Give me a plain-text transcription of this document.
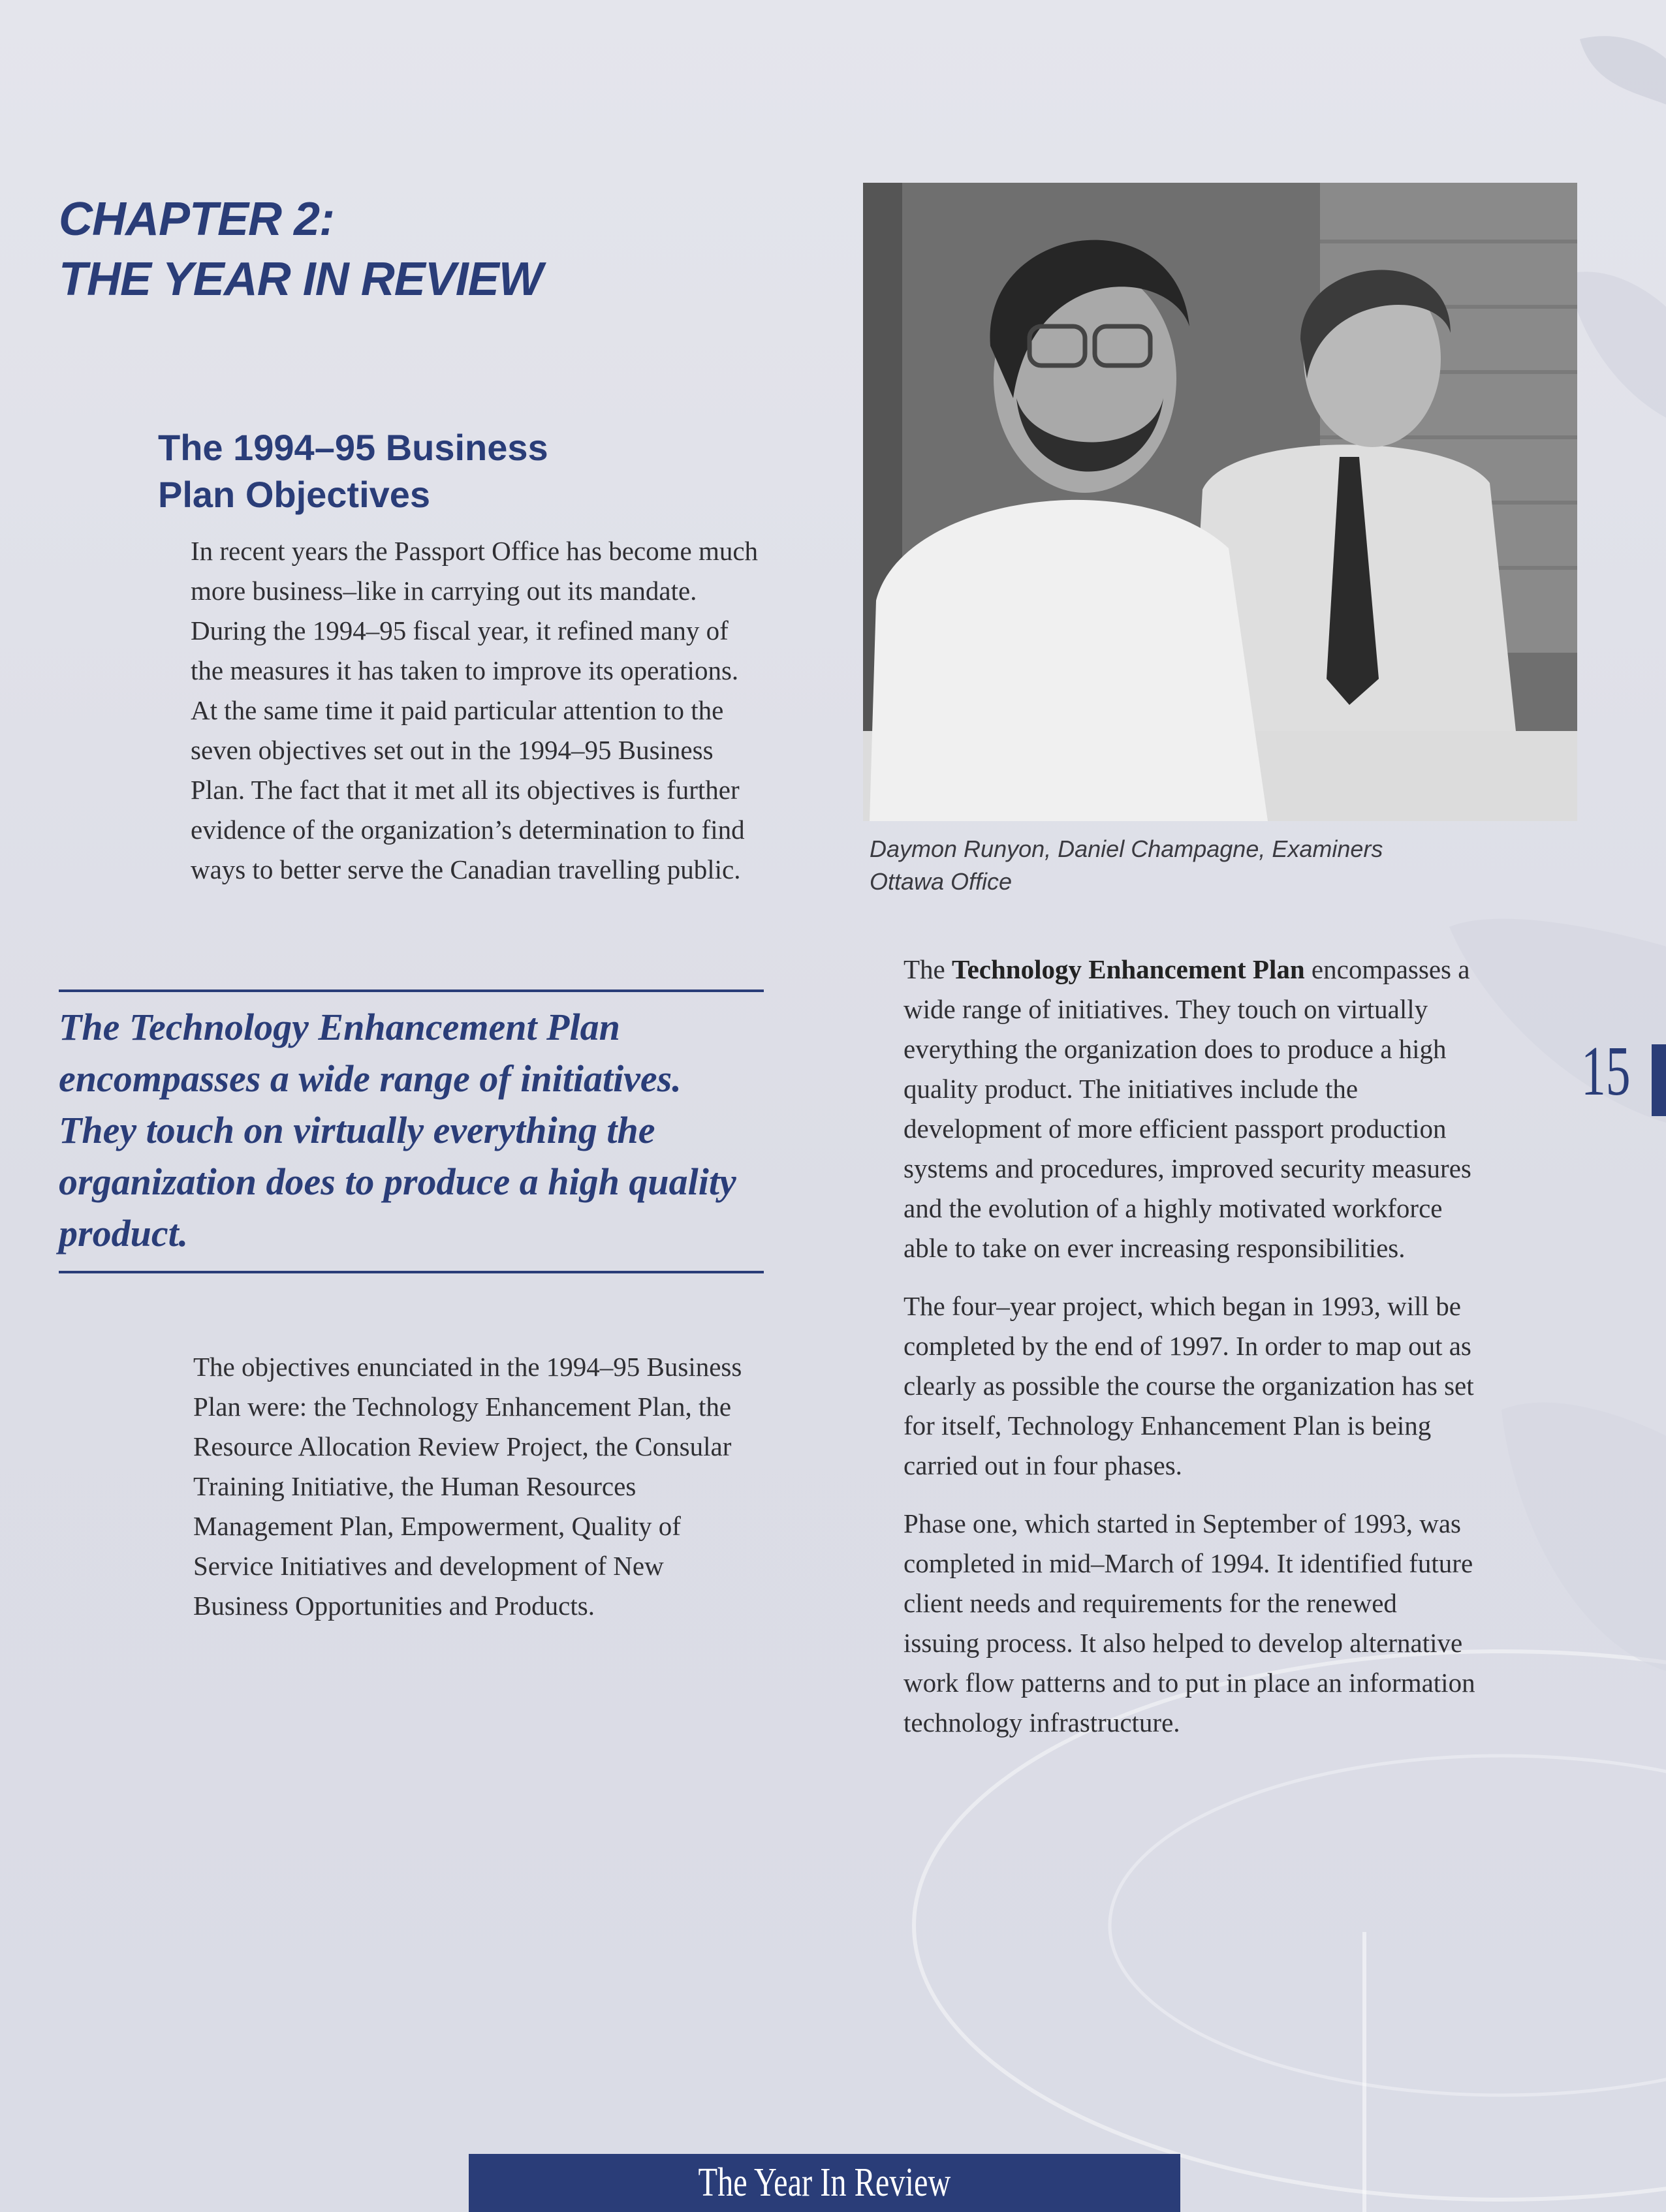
CHAPTER 2:
THE YEAR IN REVIEW
The 1994–95 Business
Plan Objectives
In recent years the Passport Office has become much more business–like in carrying out its mandate. During the 1994–95 fiscal year, it refined many of the measures it has taken to improve its operations. At the same time it paid particular attention to the seven objectives set out in the 1994–95 Business Plan. The fact that it met all its objectives is further evidence of the organization’s determination to find ways to better serve the Canadian travelling public.

The Technology Enhancement Plan encompasses a wide range of initiatives. They touch on virtually everything the organization does to produce a high quality product.

The objectives enunciated in the 1994–95 Business Plan were: the Technology Enhancement Plan, the Resource Allocation Review Project, the Consular Training Initiative, the Human Resources Management Plan, Empowerment, Quality of Service Initiatives and development of New Business Opportunities and Products.
Daymon Runyon, Daniel Champagne, Examiners
Ottawa Office

The Technology Enhancement Plan encompasses a wide range of initiatives. They touch on virtually everything the organization does to produce a high quality product. The initiatives include the development of more efficient passport production systems and procedures, improved security measures and the evolution of a highly motivated workforce able to take on ever increasing responsibilities.

The four–year project, which began in 1993, will be completed by the end of 1997. In order to map out as clearly as possible the course the organization has set for itself, Technology Enhancement Plan is being carried out in four phases.

Phase one, which started in September of 1993, was completed in mid–March of 1994. It identified future client needs and requirements for the renewed issuing process. It also helped to develop alternative work flow patterns and to put in place an information technology infrastructure.

15
The Year In Review
